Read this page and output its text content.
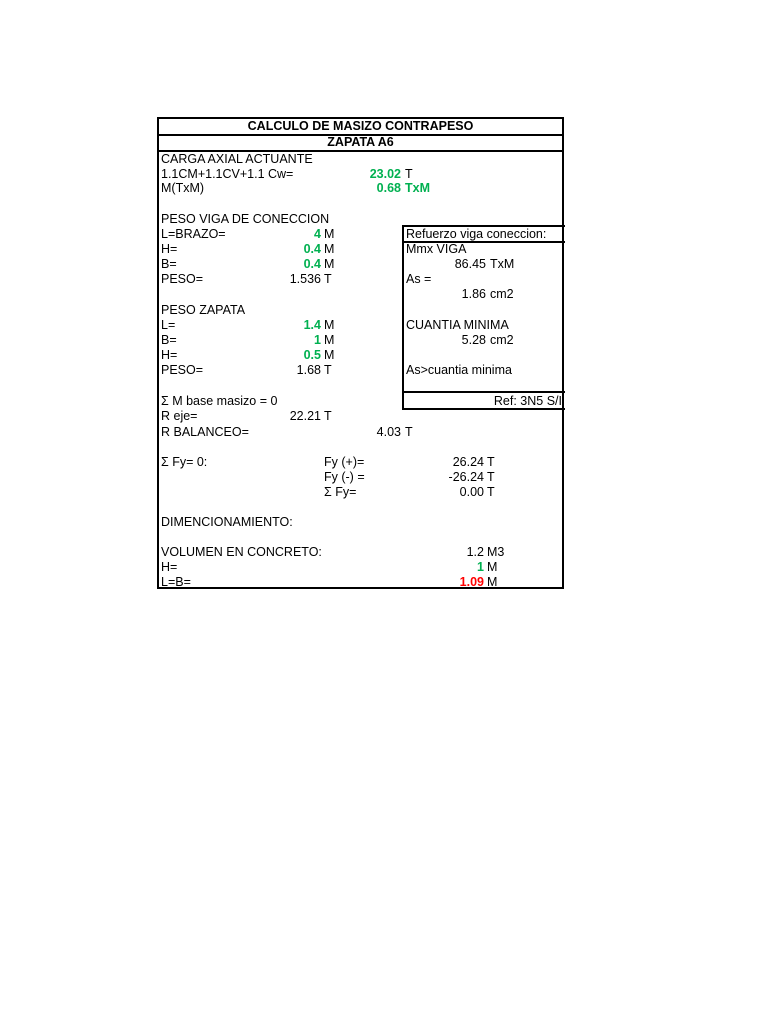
CALCULO DE MASIZO CONTRAPESO
ZAPATA A6
CARGA AXIAL ACTUANTE
1.1CM+1.1CV+1.1 Cw=	23.02 T
M(TxM)	0.68 TxM
PESO VIGA DE CONECCION
L=BRAZO=	4 M
H=	0.4 M
B=	0.4 M
PESO=	1.536 T
PESO ZAPATA
L=	1.4 M
B=	1 M
H=	0.5 M
PESO=	1.68 T
Refuerzo viga coneccion:
Mmx VIGA
86.45 TxM
As =
1.86 cm2
CUANTIA MINIMA
5.28 cm2
As>cuantia minima
Ref: 3N5 S/I
Σ M base masizo = 0
R eje=	22.21 T
R BALANCEO=	4.03 T
Σ Fy= 0:	Fy (+)=	26.24 T
Fy (-) =	-26.24 T
Σ Fy=	0.00 T
DIMENCIONAMIENTO:
VOLUMEN EN CONCRETO:	1.2 M3
H=	1 M
L=B=	1.09 M
